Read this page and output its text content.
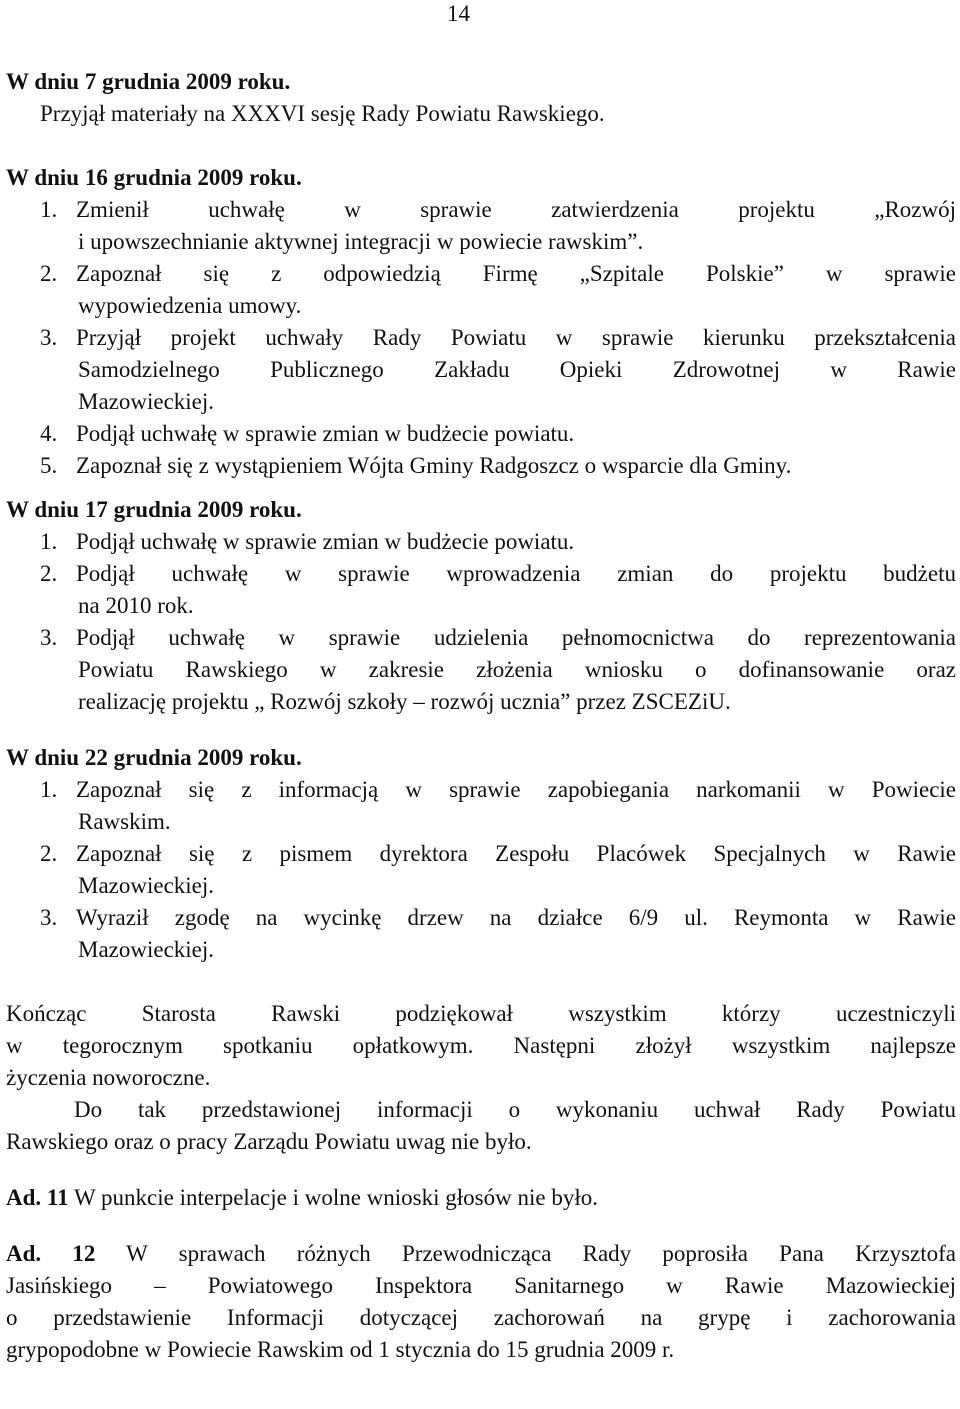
14
W dniu 7 grudnia 2009 roku.
Przyjął materiały na XXXVI sesję Rady Powiatu Rawskiego.
W dniu 16 grudnia 2009 roku.
1. Zmienił uchwałę w sprawie zatwierdzenia projektu „Rozwój
i upowszechnianie aktywnej integracji w powiecie rawskim”.
2. Zapoznał się z odpowiedzią Firmę „Szpitale Polskie” w sprawie
wypowiedzenia umowy.
3. Przyjął projekt uchwały Rady Powiatu w sprawie kierunku przekształcenia
Samodzielnego Publicznego Zakładu Opieki Zdrowotnej w Rawie
Mazowieckiej.
4. Podjął uchwałę w sprawie zmian w budżecie powiatu.
5. Zapoznał się z wystąpieniem Wójta Gminy Radgoszcz o wsparcie dla Gminy.
W dniu 17 grudnia 2009 roku.
1. Podjął uchwałę w sprawie zmian w budżecie powiatu.
2. Podjął uchwałę w sprawie wprowadzenia zmian do projektu budżetu
na 2010 rok.
3. Podjął uchwałę w sprawie udzielenia pełnomocnictwa do reprezentowania
Powiatu Rawskiego w zakresie złożenia wniosku o dofinansowanie oraz
realizację projektu „ Rozwój szkoły – rozwój ucznia” przez ZSCEZiU.
W dniu 22 grudnia 2009 roku.
1. Zapoznał się z informacją w sprawie zapobiegania narkomanii w Powiecie
Rawskim.
2. Zapoznał się z pismem dyrektora Zespołu Placówek Specjalnych w Rawie
Mazowieckiej.
3. Wyraził zgodę na wycinkę drzew na działce 6/9 ul. Reymonta w Rawie
Mazowieckiej.
Kończąc Starosta Rawski podziękował wszystkim którzy uczestniczyli
w tegorocznym spotkaniu opłatkowym. Następni złożył wszystkim najlepsze
życzenia noworoczne.
Do tak przedstawionej informacji o wykonaniu uchwał Rady Powiatu
Rawskiego oraz o pracy Zarządu Powiatu uwag nie było.
Ad. 11 W punkcie interpelacje i wolne wnioski głosów nie było.
Ad. 12 W sprawach różnych Przewodnicząca Rady poprosiła Pana Krzysztofa
Jasińskiego – Powiatowego Inspektora Sanitarnego w Rawie Mazowieckiej
o przedstawienie Informacji dotyczącej zachorowań na grypę i zachorowania
grypopodobne w Powiecie Rawskim od 1 stycznia do 15 grudnia 2009 r.
